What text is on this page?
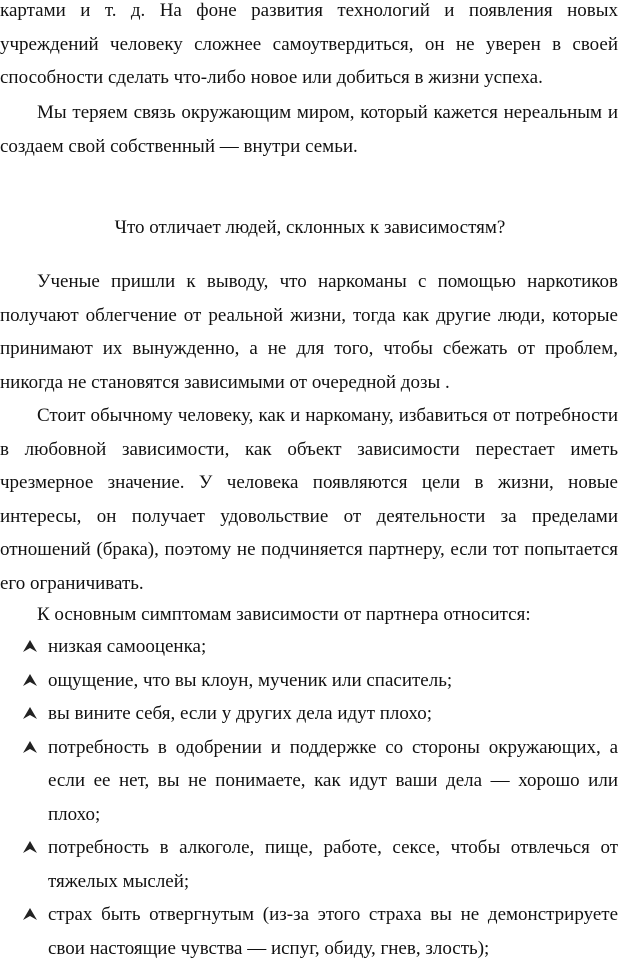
картами и т. д. На фоне развития технологий и появления новых учреждений человеку сложнее самоутвердиться, он не уверен в своей способности сделать что-либо новое или добиться в жизни успеха.

Мы теряем связь окружающим миром, который кажется нереальным и создаем свой собственный — внутри семьи.

Что отличает людей, склонных к зависимостям?

Ученые пришли к выводу, что наркоманы с помощью наркотиков получают облегчение от реальной жизни, тогда как другие люди, которые принимают их вынужденно, а не для того, чтобы сбежать от проблем, никогда не становятся зависимыми от очередной дозы .

Стоит обычному человеку, как и наркоману, избавиться от потребности в любовной зависимости, как объект зависимости перестает иметь чрезмерное значение. У человека появляются цели в жизни, новые интересы, он получает удовольствие от деятельности за пределами отношений (брака), поэтому не подчиняется партнеру, если тот попытается его ограничивать.

К основным симптомам зависимости от партнера относится:

низкая самооценка;
ощущение, что вы клоун, мученик или спаситель;
вы вините себя, если у других дела идут плохо;
потребность в одобрении и поддержке со стороны окружающих, а если ее нет, вы не понимаете, как идут ваши дела — хорошо или плохо;
потребность в алкоголе, пище, работе, сексе, чтобы отвлечься от тяжелых мыслей;
страх быть отвергнутым (из-за этого страха вы не демонстрируете свои настоящие чувства — испуг, обиду, гнев, злость);
